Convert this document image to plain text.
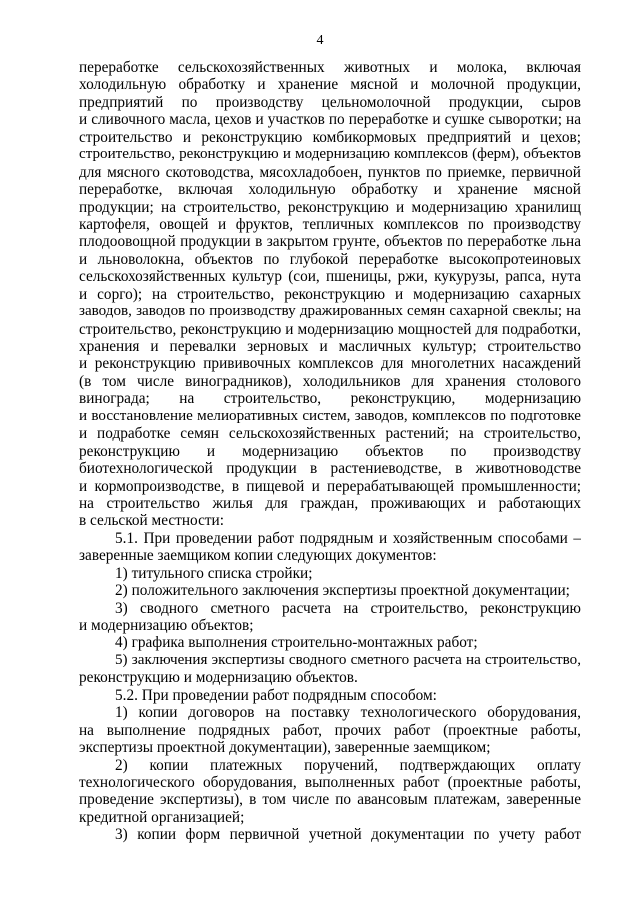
4
переработке сельскохозяйственных животных и молока, включая
холодильную обработку и хранение мясной и молочной продукции,
предприятий по производству цельномолочной продукции, сыров
и сливочного масла, цехов и участков по переработке и сушке сыворотки; на
строительство и реконструкцию комбикормовых предприятий и цехов;
строительство, реконструкцию и модернизацию комплексов (ферм), объектов
для мясного скотоводства, мясохладобоен, пунктов по приемке, первичной
переработке, включая холодильную обработку и хранение мясной
продукции; на строительство, реконструкцию и модернизацию хранилищ
картофеля, овощей и фруктов, тепличных комплексов по производству
плодоовощной продукции в закрытом грунте, объектов по переработке льна
и льноволокна, объектов по глубокой переработке высокопротеиновых
сельскохозяйственных культур (сои, пшеницы, ржи, кукурузы, рапса, нута
и сорго); на строительство, реконструкцию и модернизацию сахарных
заводов, заводов по производству дражированных семян сахарной свеклы; на
строительство, реконструкцию и модернизацию мощностей для подработки,
хранения и перевалки зерновых и масличных культур; строительство
и реконструкцию прививочных комплексов для многолетних насаждений
(в том числе виноградников), холодильников для хранения столового
винограда; на строительство, реконструкцию, модернизацию
и восстановление мелиоративных систем, заводов, комплексов по подготовке
и подработке семян сельскохозяйственных растений; на строительство,
реконструкцию и модернизацию объектов по производству
биотехнологической продукции в растениеводстве, в животноводстве
и кормопроизводстве, в пищевой и перерабатывающей промышленности;
на строительство жилья для граждан, проживающих и работающих
в сельской местности:
5.1. При проведении работ подрядным и хозяйственным способами –
заверенные заемщиком копии следующих документов:
1) титульного списка стройки;
2) положительного заключения экспертизы проектной документации;
3) сводного сметного расчета на строительство, реконструкцию
и модернизацию объектов;
4) графика выполнения строительно-монтажных работ;
5) заключения экспертизы сводного сметного расчета на строительство,
реконструкцию и модернизацию объектов.
5.2. При проведении работ подрядным способом:
1) копии договоров на поставку технологического оборудования,
на выполнение подрядных работ, прочих работ (проектные работы,
экспертизы проектной документации), заверенные заемщиком;
2) копии платежных поручений, подтверждающих оплату
технологического оборудования, выполненных работ (проектные работы,
проведение экспертизы), в том числе по авансовым платежам, заверенные
кредитной организацией;
3) копии форм первичной учетной документации по учету работ
